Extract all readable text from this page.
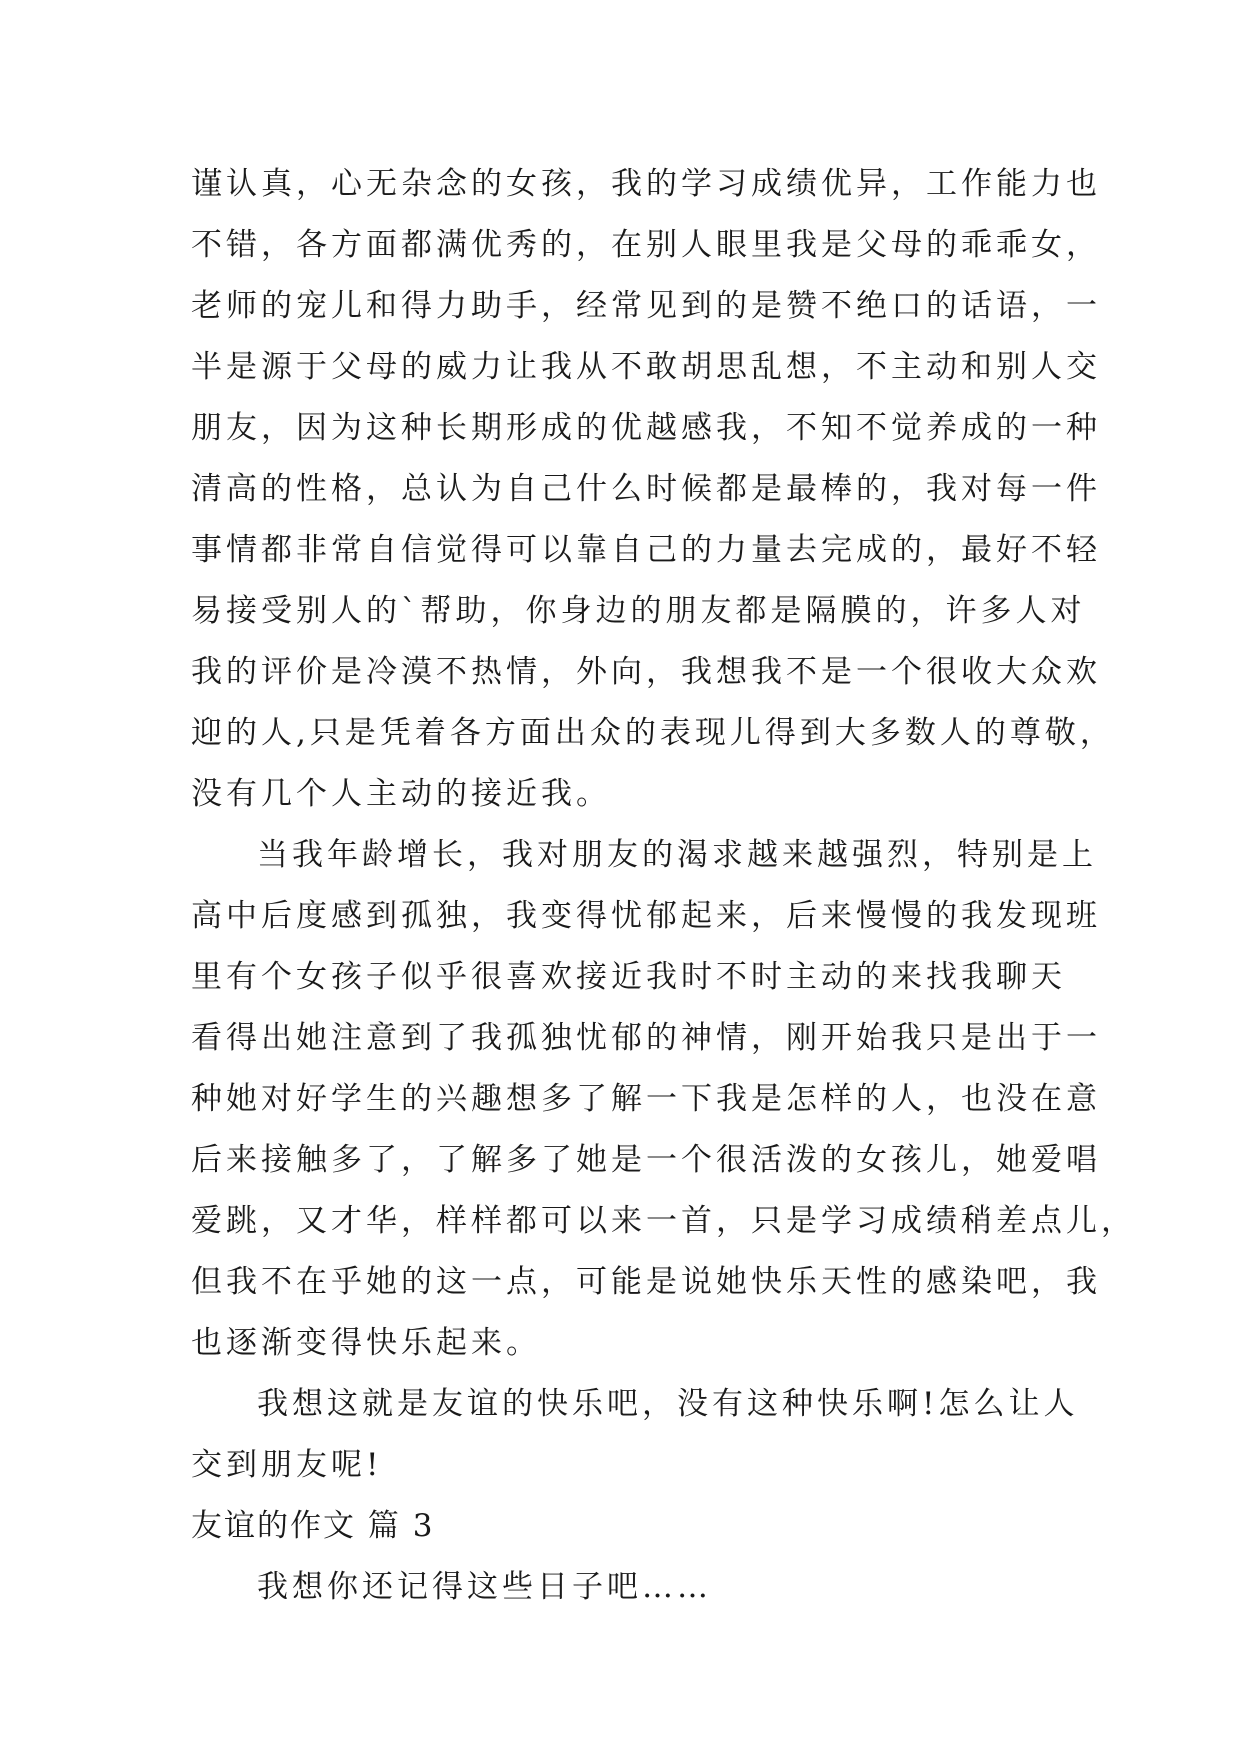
谨认真，心无杂念的女孩，我的学习成绩优异，工作能力也
不错，各方面都满优秀的，在别人眼里我是父母的乖乖女，
老师的宠儿和得力助手，经常见到的是赞不绝口的话语，一
半是源于父母的威力让我从不敢胡思乱想，不主动和别人交
朋友，因为这种长期形成的优越感我，不知不觉养成的一种
清高的性格，总认为自己什么时候都是最棒的，我对每一件
事情都非常自信觉得可以靠自己的力量去完成的，最好不轻
易接受别人的`帮助，你身边的朋友都是隔膜的，许多人对
我的评价是冷漠不热情，外向，我想我不是一个很收大众欢
迎的人,只是凭着各方面出众的表现儿得到大多数人的尊敬，
没有几个人主动的接近我。
当我年龄增长，我对朋友的渴求越来越强烈，特别是上
高中后度感到孤独，我变得忧郁起来，后来慢慢的我发现班
里有个女孩子似乎很喜欢接近我时不时主动的来找我聊天
看得出她注意到了我孤独忧郁的神情，刚开始我只是出于一
种她对好学生的兴趣想多了解一下我是怎样的人，也没在意
后来接触多了，了解多了她是一个很活泼的女孩儿，她爱唱
爱跳，又才华，样样都可以来一首，只是学习成绩稍差点儿，
但我不在乎她的这一点，可能是说她快乐天性的感染吧，我
也逐渐变得快乐起来。
我想这就是友谊的快乐吧，没有这种快乐啊!怎么让人
交到朋友呢!
友谊的作文 篇 3
我想你还记得这些日子吧……
